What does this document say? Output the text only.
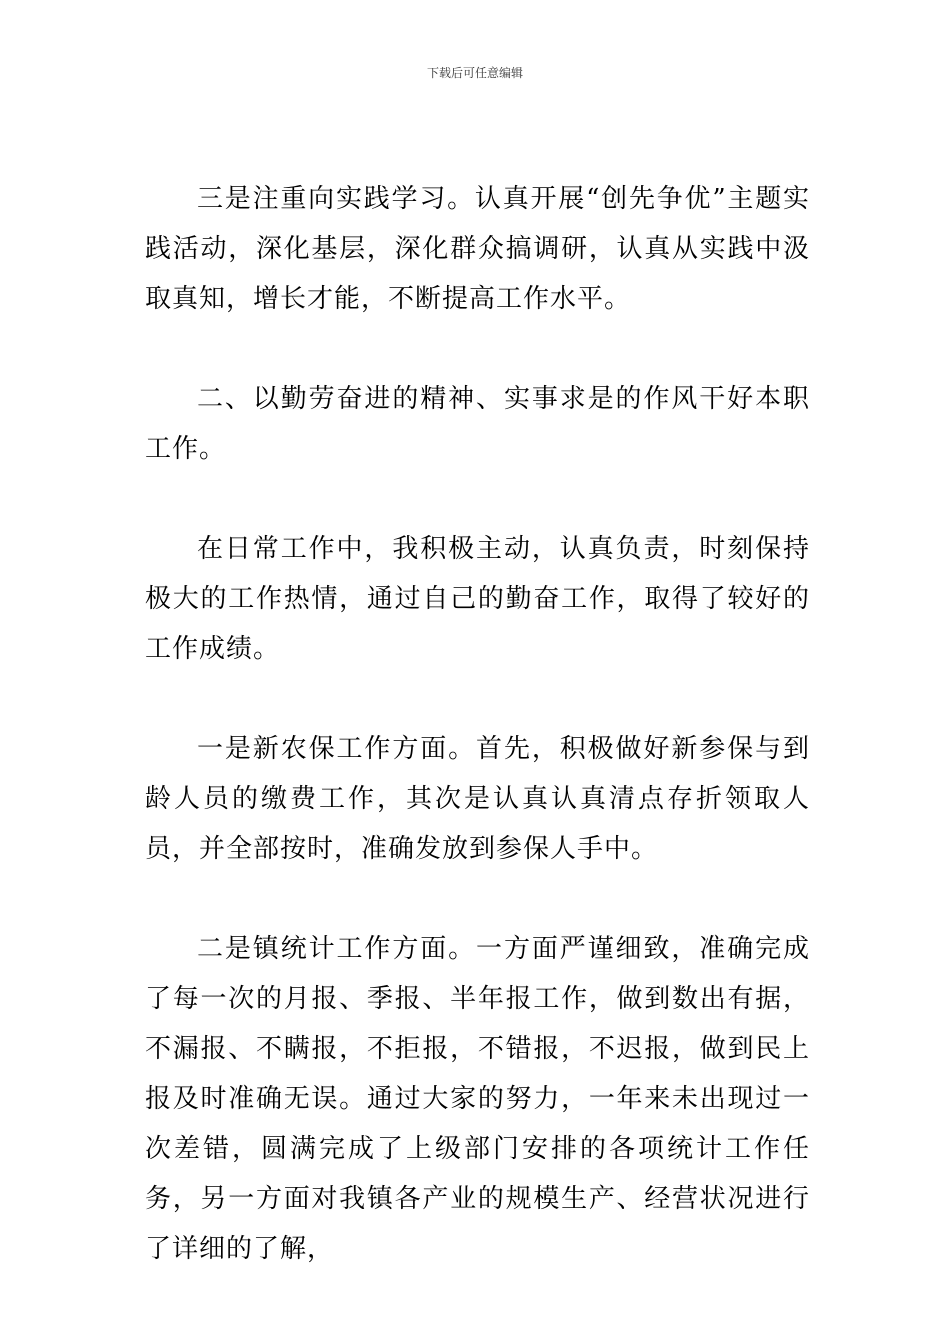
下载后可任意编辑

三是注重向实践学习。认真开展“创先争优”主题实践活动，深化基层，深化群众搞调研，认真从实践中汲取真知，增长才能，不断提高工作水平。

二、以勤劳奋进的精神、实事求是的作风干好本职工作。

在日常工作中，我积极主动，认真负责，时刻保持极大的工作热情，通过自己的勤奋工作，取得了较好的工作成绩。

一是新农保工作方面。首先，积极做好新参保与到龄人员的缴费工作，其次是认真认真清点存折领取人员，并全部按时，准确发放到参保人手中。

二是镇统计工作方面。一方面严谨细致，准确完成了每一次的月报、季报、半年报工作，做到数出有据，不漏报、不瞒报，不拒报，不错报，不迟报，做到民上报及时准确无误。通过大家的努力，一年来未出现过一次差错，圆满完成了上级部门安排的各项统计工作任务，另一方面对我镇各产业的规模生产、经营状况进行了详细的了解，
